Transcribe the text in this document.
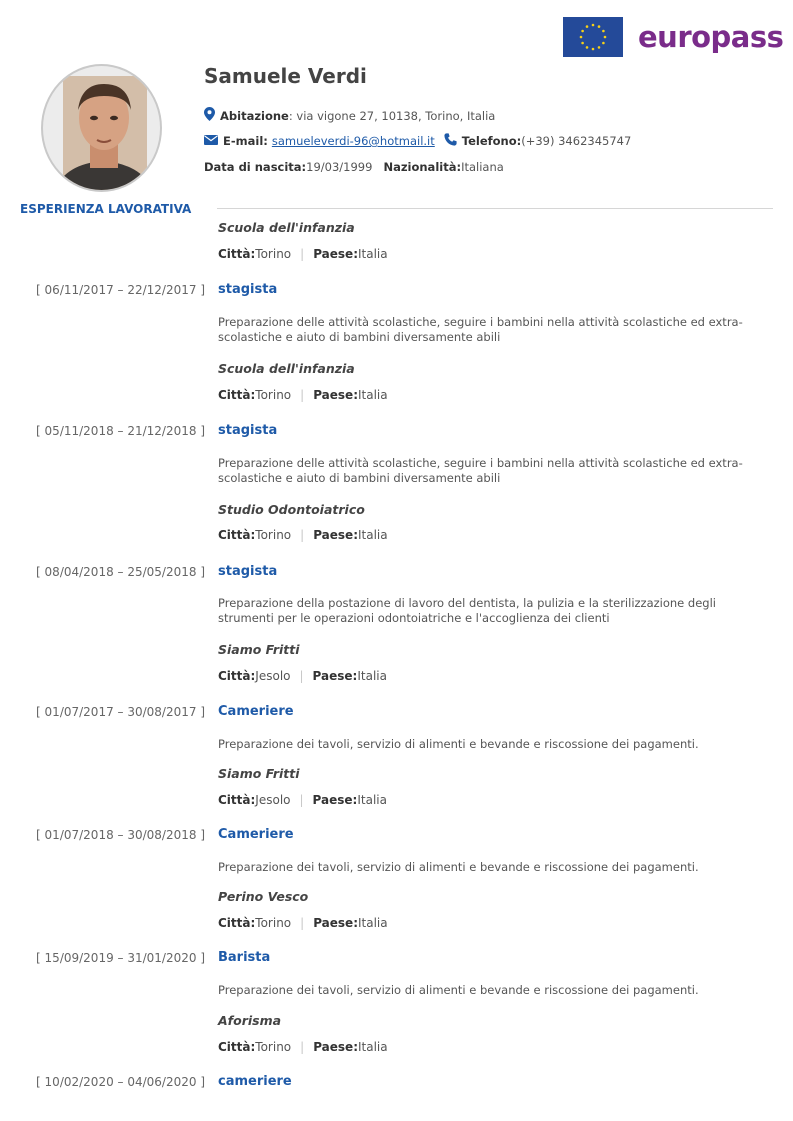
europass
Samuele Verdi
Abitazione : via vigone 27, 10138, Torino, Italia
E-mail: samueleverdi-96@hotmail.it Telefono: (+39) 3462345747
Data di nascita: 19/03/1999 Nazionalità: Italiana
ESPERIENZA LAVORATIVA
Scuola dell'infanzia
Città: Torino | Paese: Italia
[ 06/11/2017 – 22/12/2017 ] stagista
Preparazione delle attività scolastiche, seguire i bambini nella attività scolastiche ed extra-scolastiche e aiuto di bambini diversamente abili
Scuola dell'infanzia
Città: Torino | Paese: Italia
[ 05/11/2018 – 21/12/2018 ] stagista
Preparazione delle attività scolastiche, seguire i bambini nella attività scolastiche ed extra-scolastiche e aiuto di bambini diversamente abili
Studio Odontoiatrico
Città: Torino | Paese: Italia
[ 08/04/2018 – 25/05/2018 ] stagista
Preparazione della postazione di lavoro del dentista, la pulizia e la sterilizzazione degli strumenti per le operazioni odontoiatriche e l'accoglienza dei clienti
Siamo Fritti
Città: Jesolo | Paese: Italia
[ 01/07/2017 – 30/08/2017 ] Cameriere
Preparazione dei tavoli, servizio di alimenti e bevande e riscossione dei pagamenti.
Siamo Fritti
Città: Jesolo | Paese: Italia
[ 01/07/2018 – 30/08/2018 ] Cameriere
Preparazione dei tavoli, servizio di alimenti e bevande e riscossione dei pagamenti.
Perino Vesco
Città: Torino | Paese: Italia
[ 15/09/2019 – 31/01/2020 ] Barista
Preparazione dei tavoli, servizio di alimenti e bevande e riscossione dei pagamenti.
Aforisma
Città: Torino | Paese: Italia
[ 10/02/2020 – 04/06/2020 ] cameriere
